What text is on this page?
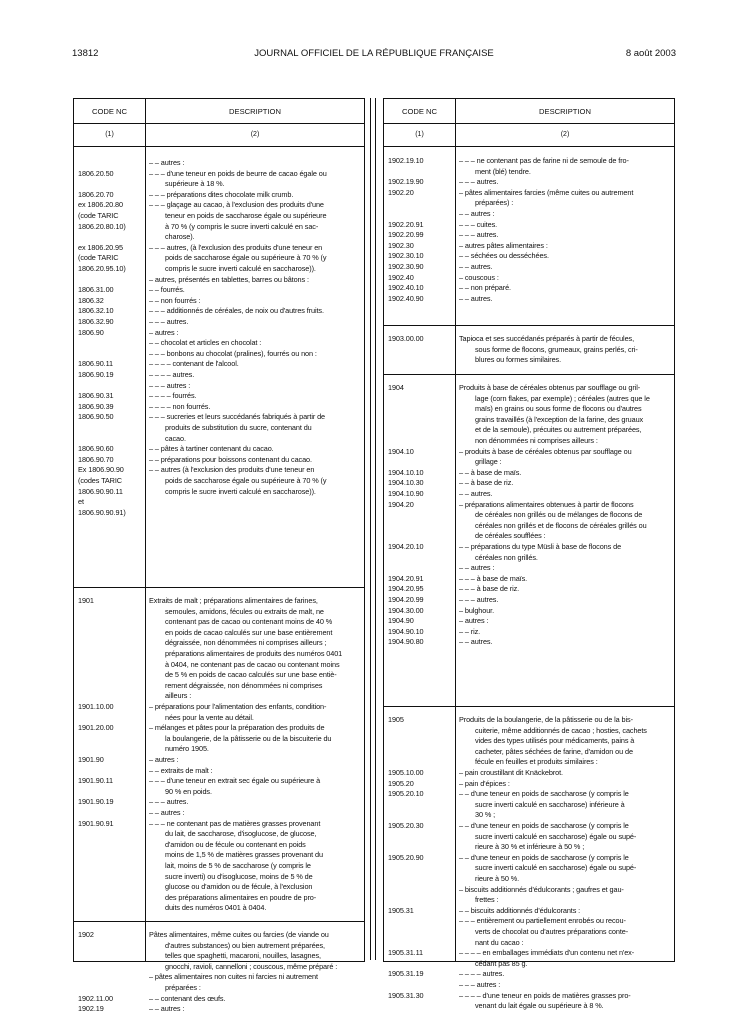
13812	JOURNAL OFFICIEL DE LA RÉPUBLIQUE FRANÇAISE	8 août 2003
CODE NC	DESCRIPTION
(1)	(2)
– – autres :
1806.20.50	– – – d'une teneur en poids de beurre de cacao égale ou
supérieure à 18 %.
1806.20.70	– – – préparations dites chocolate milk crumb.
ex 1806.20.80	– – – glaçage au cacao, à l'exclusion des produits d'une
(code TARIC	teneur en poids de saccharose égale ou supérieure
1806.20.80.10)	à 70 % (y compris le sucre inverti calculé en sac-
charose).
ex 1806.20.95	– – – autres, (à l'exclusion des produits d'une teneur en
(code TARIC	poids de saccharose égale ou supérieure à 70 % (y
1806.20.95.10)	compris le sucre inverti calculé en saccharose)).
– autres, présentés en tablettes, barres ou bâtons :
1806.31.00	– – fourrés.
1806.32	– – non fourrés :
1806.32.10	– – – additionnés de céréales, de noix ou d'autres fruits.
1806.32.90	– – – autres.
1806.90	– autres :
– – chocolat et articles en chocolat :
– – – bonbons au chocolat (pralines), fourrés ou non :
1806.90.11	– – – – contenant de l'alcool.
1806.90.19	– – – – autres.
– – – autres :
1806.90.31	– – – – fourrés.
1806.90.39	– – – – non fourrés.
1806.90.50	– – – sucreries et leurs succédanés fabriqués à partir de
produits de substitution du sucre, contenant du
cacao.
1806.90.60	– – pâtes à tartiner contenant du cacao.
1806.90.70	– – préparations pour boissons contenant du cacao.
Ex 1806.90.90	– – autres (à l'exclusion des produits d'une teneur en
(codes TARIC	poids de saccharose égale ou supérieure à 70 % (y
1806.90.90.11	compris le sucre inverti calculé en saccharose)).
et
1806.90.90.91)
1901	Extraits de malt ; préparations alimentaires de farines,
semoules, amidons, fécules ou extraits de malt, ne
contenant pas de cacao ou contenant moins de 40 %
en poids de cacao calculés sur une base entièrement
dégraissée, non dénommées ni comprises ailleurs ;
préparations alimentaires de produits des numéros 0401
à 0404, ne contenant pas de cacao ou contenant moins
de 5 % en poids de cacao calculés sur une base entiè-
rement dégraissée, non dénommées ni comprises
ailleurs :
1901.10.00	– préparations pour l'alimentation des enfants, condition-
nées pour la vente au détail.
1901.20.00	– mélanges et pâtes pour la préparation des produits de
la boulangerie, de la pâtisserie ou de la biscuiterie du
numéro 1905.
1901.90	– autres :
– – extraits de malt :
1901.90.11	– – – d'une teneur en extrait sec égale ou supérieure à
90 % en poids.
1901.90.19	– – – autres.
– – autres :
1901.90.91	– – – ne contenant pas de matières grasses provenant
du lait, de saccharose, d'isoglucose, de glucose,
d'amidon ou de fécule ou contenant en poids
moins de 1,5 % de matières grasses provenant du
lait, moins de 5 % de saccharose (y compris le
sucre inverti) ou d'isoglucose, moins de 5 % de
glucose ou d'amidon ou de fécule, à l'exclusion
des préparations alimentaires en poudre de pro-
duits des numéros 0401 à 0404.
1902	Pâtes alimentaires, même cuites ou farcies (de viande ou
d'autres substances) ou bien autrement préparées,
telles que spaghetti, macaroni, nouilles, lasagnes,
gnocchi, ravioli, cannelloni ; couscous, même préparé :
– pâtes alimentaires non cuites ni farcies ni autrement
préparées :
1902.11.00	– – contenant des œufs.
1902.19	– – autres :
CODE NC	DESCRIPTION
(1)	(2)
1902.19.10	– – – ne contenant pas de farine ni de semoule de fro-
ment (blé) tendre.
1902.19.90	– – – autres.
1902.20	– pâtes alimentaires farcies (même cuites ou autrement
préparées) :
– – autres :
1902.20.91	– – – cuites.
1902.20.99	– – – autres.
1902.30	– autres pâtes alimentaires :
1902.30.10	– – séchées ou desséchées.
1902.30.90	– – autres.
1902.40	– couscous :
1902.40.10	– – non préparé.
1902.40.90	– – autres.
1903.00.00	Tapioca et ses succédanés préparés à partir de fécules,
sous forme de flocons, grumeaux, grains perlés, cri-
blures ou formes similaires.
1904	Produits à base de céréales obtenus par soufflage ou gril-
lage (corn flakes, par exemple) ; céréales (autres que le
maïs) en grains ou sous forme de flocons ou d'autres
grains travaillés (à l'exception de la farine, des gruaux
et de la semoule), précuites ou autrement préparées,
non dénommées ni comprises ailleurs :
1904.10	– produits à base de céréales obtenus par soufflage ou
grillage :
1904.10.10	– – à base de maïs.
1904.10.30	– – à base de riz.
1904.10.90	– – autres.
1904.20	– préparations alimentaires obtenues à partir de flocons
de céréales non grillés ou de mélanges de flocons de
céréales non grillés et de flocons de céréales grillés ou
de céréales soufflées :
1904.20.10	– – préparations du type Müsli à base de flocons de
céréales non grillés.
– – autres :
1904.20.91	– – – à base de maïs.
1904.20.95	– – – à base de riz.
1904.20.99	– – – autres.
1904.30.00	– bulghour.
1904.90	– autres :
1904.90.10	– – riz.
1904.90.80	– – autres.
1905	Produits de la boulangerie, de la pâtisserie ou de la bis-
cuiterie, même additionnés de cacao ; hosties, cachets
vides des types utilisés pour médicaments, pains à
cacheter, pâtes séchées de farine, d'amidon ou de
fécule en feuilles et produits similaires :
1905.10.00	– pain croustillant dit Knäckebrot.
1905.20	– pain d'épices :
1905.20.10	– – d'une teneur en poids de saccharose (y compris le
sucre inverti calculé en saccharose) inférieure à
30 % ;
1905.20.30	– – d'une teneur en poids de saccharose (y compris le
sucre inverti calculé en saccharose) égale ou supé-
rieure à 30 % et inférieure à 50 % ;
1905.20.90	– – d'une teneur en poids de saccharose (y compris le
sucre inverti calculé en saccharose) égale ou supé-
rieure à 50 %.
– biscuits additionnés d'édulcorants ; gaufres et gau-
frettes :
1905.31	– – biscuits additionnés d'édulcorants :
– – – entièrement ou partiellement enrobés ou recou-
verts de chocolat ou d'autres préparations conte-
nant du cacao :
1905.31.11	– – – – en emballages immédiats d'un contenu net n'ex-
cédant pas 85 g.
1905.31.19	– – – – autres.
– – – autres :
1905.31.30	– – – – d'une teneur en poids de matières grasses pro-
venant du lait égale ou supérieure à 8 %.
